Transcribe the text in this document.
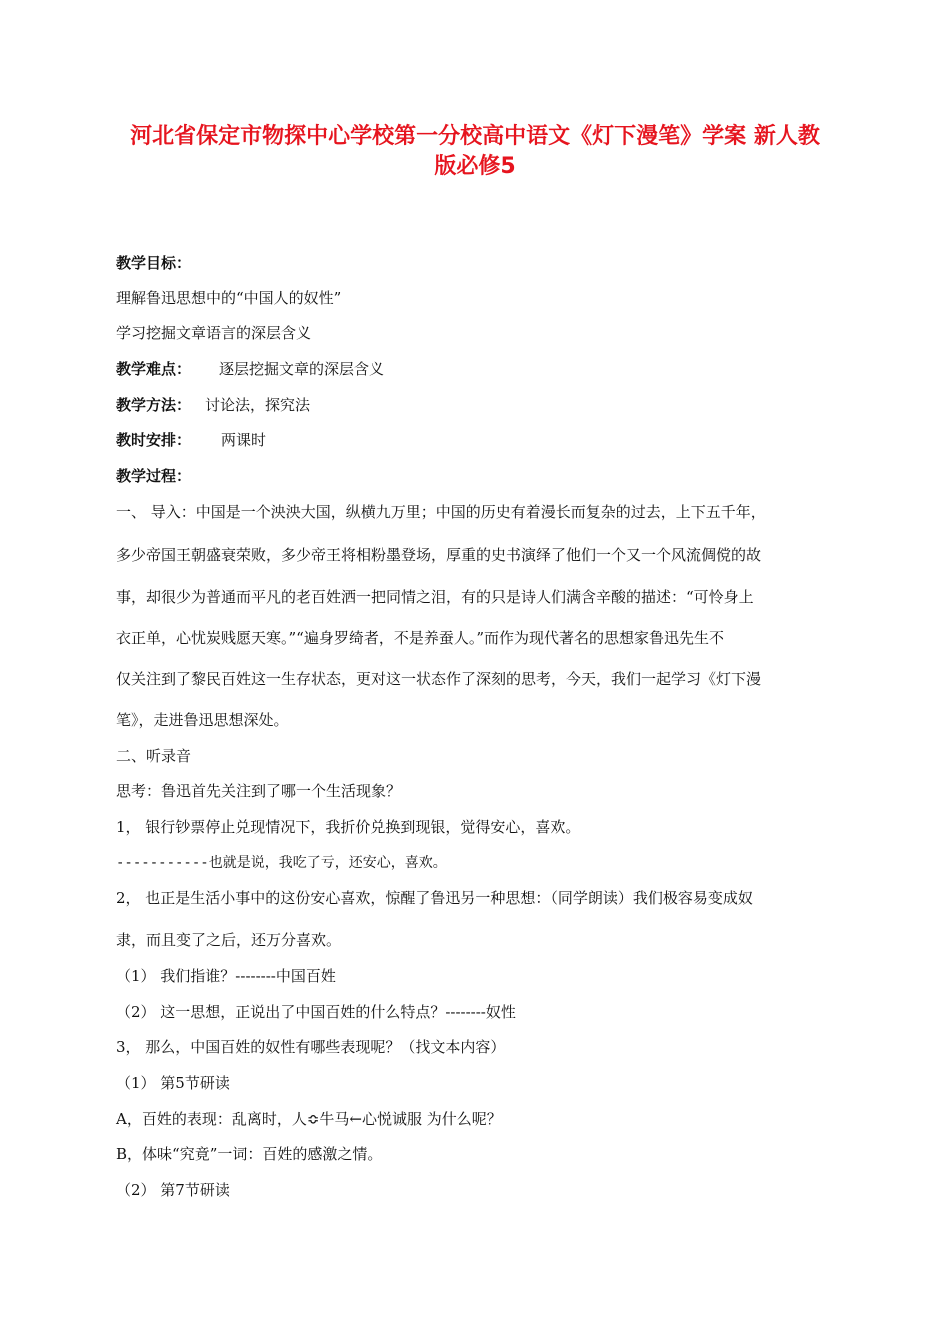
河北省保定市物探中心学校第一分校高中语文《灯下漫笔》学案 新人教
版必修5
教学目标：
理解鲁迅思想中的“中国人的奴性”
学习挖掘文章语言的深层含义
教学难点： 逐层挖掘文章的深层含义
教学方法： 讨论法，探究法
教时安排： 两课时
教学过程：
一、 导入：中国是一个泱泱大国，纵横九万里；中国的历史有着漫长而复杂的过去，上下五千年，
多少帝国王朝盛衰荣败，多少帝王将相粉墨登场，厚重的史书演绎了他们一个又一个风流倜傥的故
事，却很少为普通而平凡的老百姓洒一把同情之泪，有的只是诗人们满含辛酸的描述：“可怜身上
衣正单，心忧炭贱愿天寒。”“遍身罗绮者，不是养蚕人。”而作为现代著名的思想家鲁迅先生不
仅关注到了黎民百姓这一生存状态，更对这一状态作了深刻的思考，今天，我们一起学习《灯下漫
笔》，走进鲁迅思想深处。
二、听录音
思考：鲁迅首先关注到了哪一个生活现象？
1， 银行钞票停止兑现情况下，我折价兑换到现银，觉得安心，喜欢。
-----------也就是说，我吃了亏，还安心，喜欢。
2， 也正是生活小事中的这份安心喜欢，惊醒了鲁迅另一种思想：（同学朗读）我们极容易变成奴
隶，而且变了之后，还万分喜欢。
（1） 我们指谁？--------中国百姓
（2） 这一思想，正说出了中国百姓的什么特点？--------奴性
3， 那么，中国百姓的奴性有哪些表现呢？（找文本内容）
（1） 第5节研读
A，百姓的表现：乱离时，人≎牛马←心悦诚服 为什么呢？
B，体味“究竟”一词：百姓的感激之情。
（2） 第7节研读
